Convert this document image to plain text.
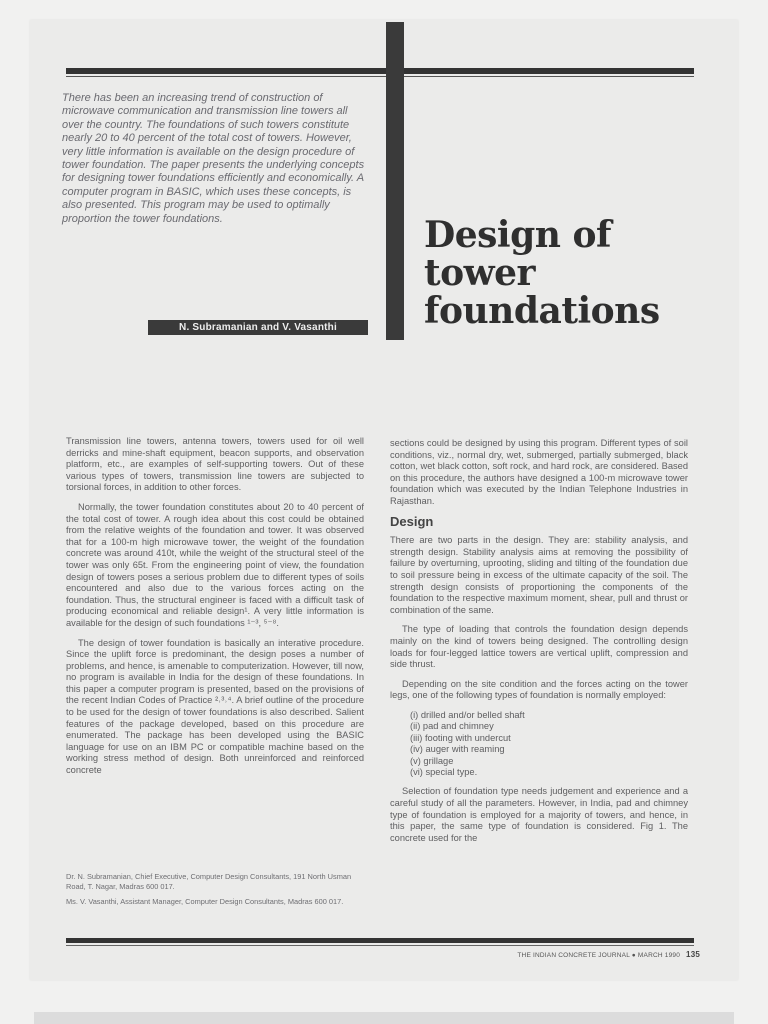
There has been an increasing trend of construction of microwave communication and transmission line towers all over the country. The foundations of such towers constitute nearly 20 to 40 percent of the total cost of towers. However, very little information is available on the design procedure of tower foundation. The paper presents the underlying concepts for designing tower foundations efficiently and economically. A computer program in BASIC, which uses these concepts, is also presented. This program may be used to optimally proportion the tower foundations.
N. Subramanian and V. Vasanthi
Design of
tower
foundations

Transmission line towers, antenna towers, towers used for oil well derricks and mine-shaft equipment, beacon supports, and observation platform, etc., are examples of self-supporting towers. Out of these various types of towers, transmission line towers are subjected to torsional forces, in addition to other forces.

Normally, the tower foundation constitutes about 20 to 40 percent of the total cost of tower. A rough idea about this cost could be obtained from the relative weights of the foundation and tower. It was observed that for a 100-m high microwave tower, the weight of the foundation concrete was around 410t, while the weight of the structural steel of the tower was only 65t. From the engineering point of view, the foundation design of towers poses a serious problem due to different types of soils encountered and also due to the various forces acting on the foundation. Thus, the structural engineer is faced with a difficult task of producing economical and reliable design¹. A very little information is available for the design of such foundations ¹⁻³, ⁵⁻⁸.

The design of tower foundation is basically an interative procedure. Since the uplift force is predominant, the design poses a number of problems, and hence, is amenable to computerization. However, till now, no program is available in India for the design of these foundations. In this paper a computer program is presented, based on the provisions of the recent Indian Codes of Practice ²˒³˒⁴. A brief outline of the procedure to be used for the design of tower foundations is also described. Salient features of the package developed, based on this procedure are enumerated. The package has been developed using the BASIC language for use on an IBM PC or compatible machine based on the working stress method of design. Both unreinforced and reinforced concrete

Dr. N. Subramanian, Chief Executive, Computer Design Consultants, 191 North Usman Road, T. Nagar, Madras 600 017.

Ms. V. Vasanthi, Assistant Manager, Computer Design Consultants, Madras 600 017.

sections could be designed by using this program. Different types of soil conditions, viz., normal dry, wet, submerged, partially submerged, black cotton, wet black cotton, soft rock, and hard rock, are considered. Based on this procedure, the authors have designed a 100-m microwave tower foundation which was executed by the Indian Telephone Industries in Rajasthan.

Design

There are two parts in the design. They are: stability analysis, and strength design. Stability analysis aims at removing the possibility of failure by overturning, uprooting, sliding and tilting of the foundation due to soil pressure being in excess of the ultimate capacity of the soil. The strength design consists of proportioning the components of the foundation to the respective maximum moment, shear, pull and thrust or combination of the same.

The type of loading that controls the foundation design depends mainly on the kind of towers being designed. The controlling design loads for four-legged lattice towers are vertical uplift, compression and side thrust.

Depending on the site condition and the forces acting on the tower legs, one of the following types of foundation is normally employed:

(i) drilled and/or belled shaft
(ii) pad and chimney
(iii) footing with undercut
(iv) auger with reaming
(v) grillage
(vi) special type.

Selection of foundation type needs judgement and experience and a careful study of all the parameters. However, in India, pad and chimney type of foundation is employed for a majority of towers, and hence, in this paper, the same type of foundation is considered. Fig 1. The concrete used for the

THE INDIAN CONCRETE JOURNAL ● MARCH 1990 135
